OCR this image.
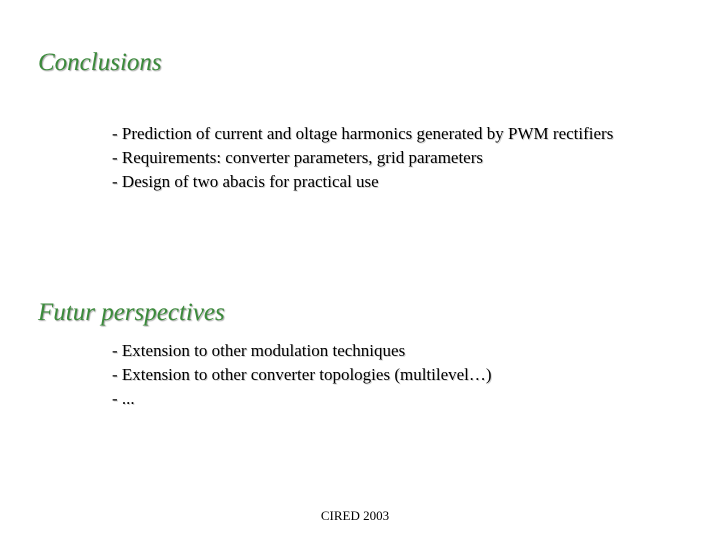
Conclusions
- Prediction of current and oltage harmonics generated by PWM rectifiers
- Requirements: converter parameters, grid parameters
- Design of two abacis for practical use
Futur perspectives
- Extension to other modulation techniques
- Extension to other converter topologies (multilevel…)
- ...
CIRED 2003
